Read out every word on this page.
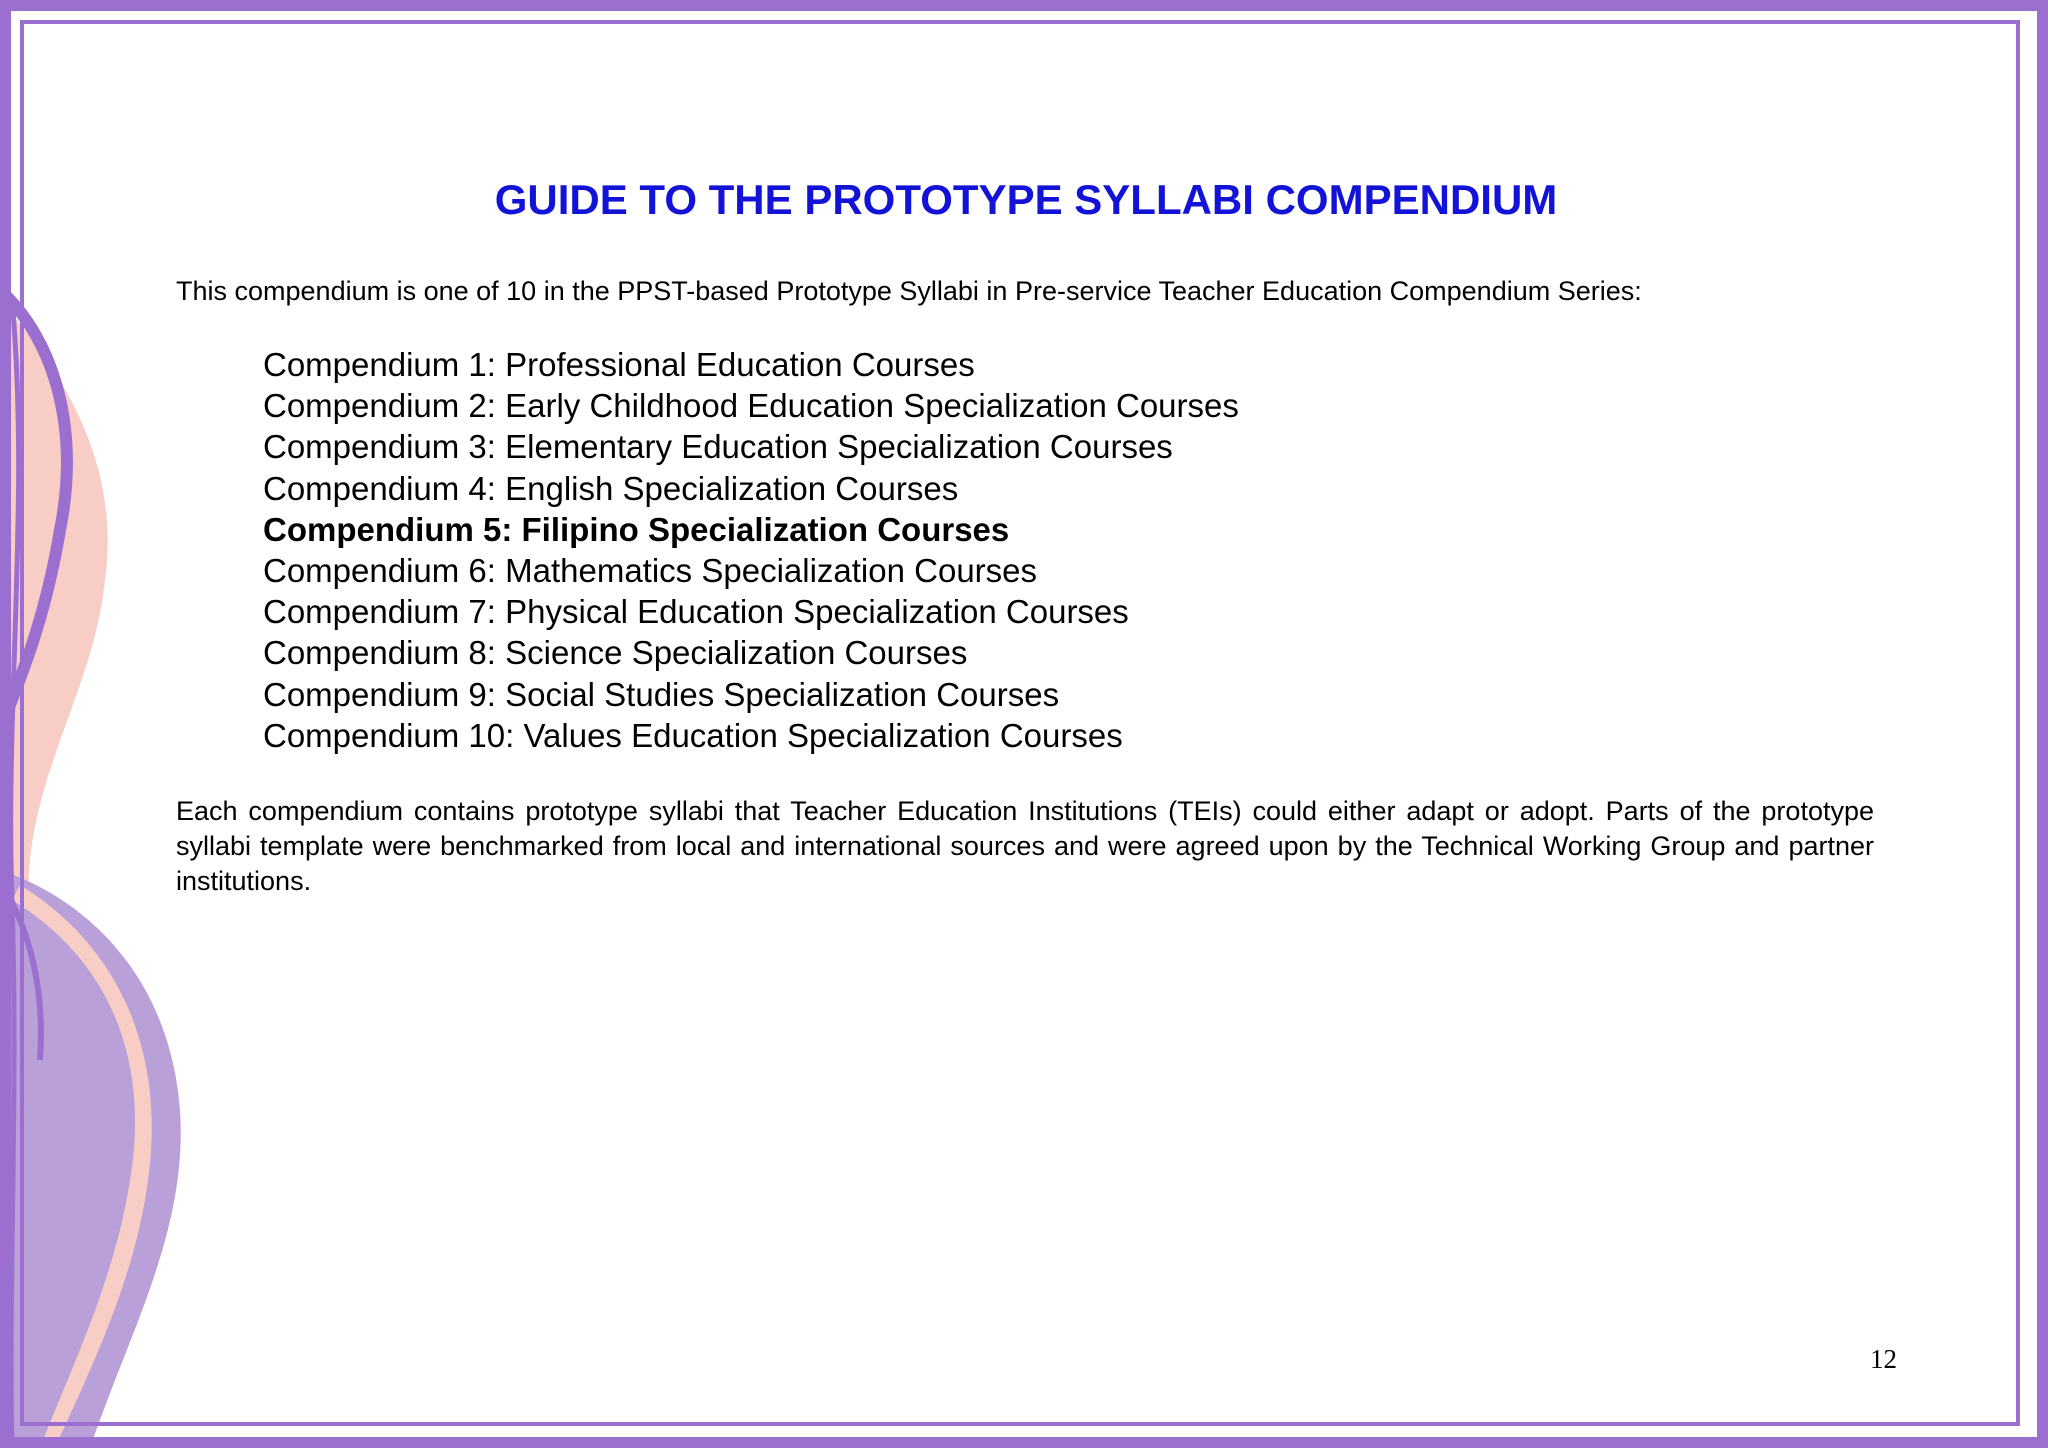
GUIDE TO THE PROTOTYPE SYLLABI COMPENDIUM
This compendium is one of 10 in the PPST-based Prototype Syllabi in Pre-service Teacher Education Compendium Series:
Compendium 1: Professional Education Courses
Compendium 2: Early Childhood Education Specialization Courses
Compendium 3: Elementary Education Specialization Courses
Compendium 4: English Specialization Courses
Compendium 5: Filipino Specialization Courses
Compendium 6: Mathematics Specialization Courses
Compendium 7: Physical Education Specialization Courses
Compendium 8: Science Specialization Courses
Compendium 9: Social Studies Specialization Courses
Compendium 10: Values Education Specialization Courses

Each compendium contains prototype syllabi that Teacher Education Institutions (TEIs) could either adapt or adopt. Parts of the prototype syllabi template were benchmarked from local and international sources and were agreed upon by the Technical Working Group and partner institutions.

12
